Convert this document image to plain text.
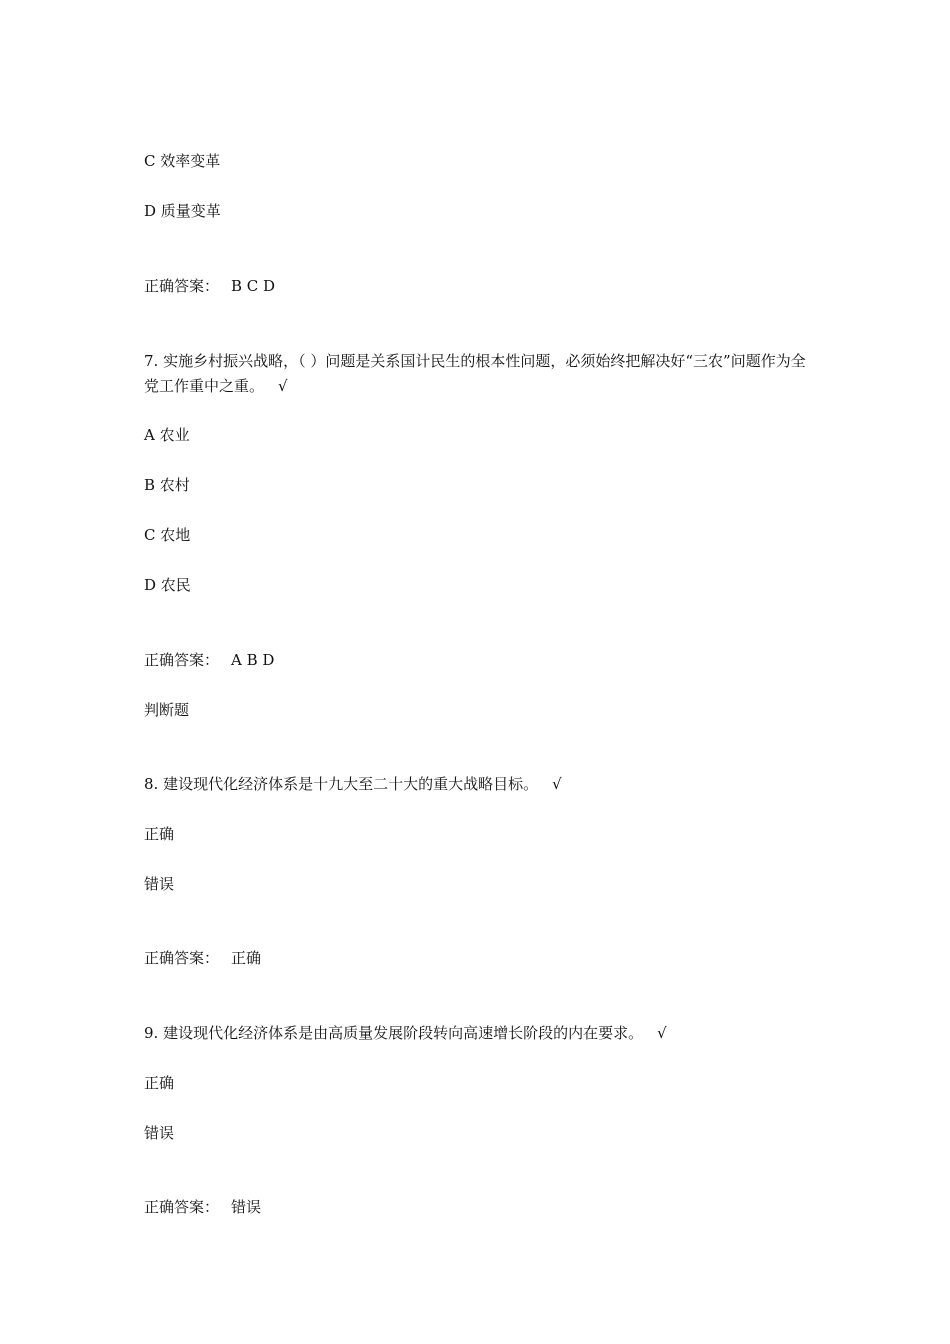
C 效率变革
D 质量变革
正确答案： B C D
7. 实施乡村振兴战略，（ ）问题是关系国计民生的根本性问题，必须始终把解决好“三农”问题作为全党工作重中之重。 √
A 农业
B 农村
C 农地
D 农民
正确答案： A B D
判断题
8. 建设现代化经济体系是十九大至二十大的重大战略目标。 √
正确
错误
正确答案： 正确
9. 建设现代化经济体系是由高质量发展阶段转向高速增长阶段的内在要求。 √
正确
错误
正确答案： 错误
